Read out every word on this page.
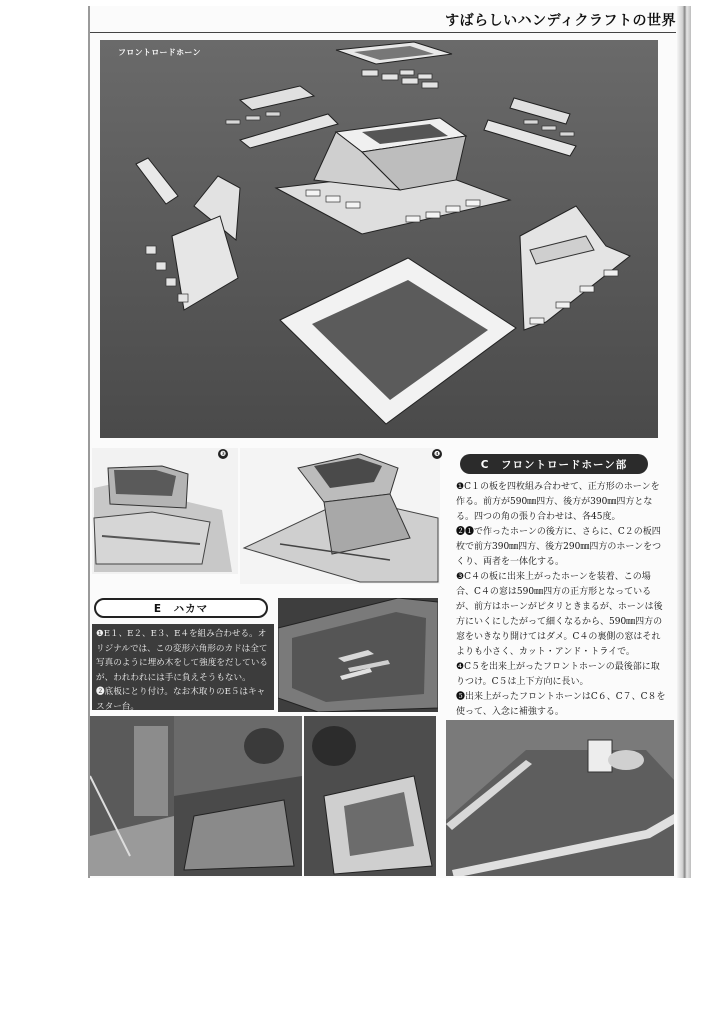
すばらしいハンディクラフトの世界
フロントロードホーン
❸	❹
C　フロントロードホーン部

❶C１の板を四枚組み合わせて、正方形のホーンを作る。前方が590㎜四方、後方が390㎜四方となる。四つの角の張り合わせは、各45度。

❷❶で作ったホーンの後方に、さらに、C２の板四枚で前方390㎜四方、後方290㎜四方のホーンをつくり、両者を一体化する。

❸C４の板に出来上がったホーンを装着、この場合、C４の窓は590㎜四方の正方形となっているが、前方はホーンがピタリときまるが、ホーンは後方にいくにしたがって細くなるから、590㎜四方の窓をいきなり開けてはダメ。C４の裏側の窓はそれよりも小さく、カット・アンド・トライで。

❹C５を出来上がったフロントホーンの最後部に取りつけ。C５は上下方向に長い。

❺出来上がったフロントホーンはC６、C７、C８を使って、入念に補強する。

E　ハカマ

❶E１、E２、E３、E４を組み合わせる。オリジナルでは、この変形六角形のカドは全て写真のように埋め木をして強度をだしているが、われわれには手に負えそうもない。

❷底板にとり付け。なお木取りのE５はキャスター台。
